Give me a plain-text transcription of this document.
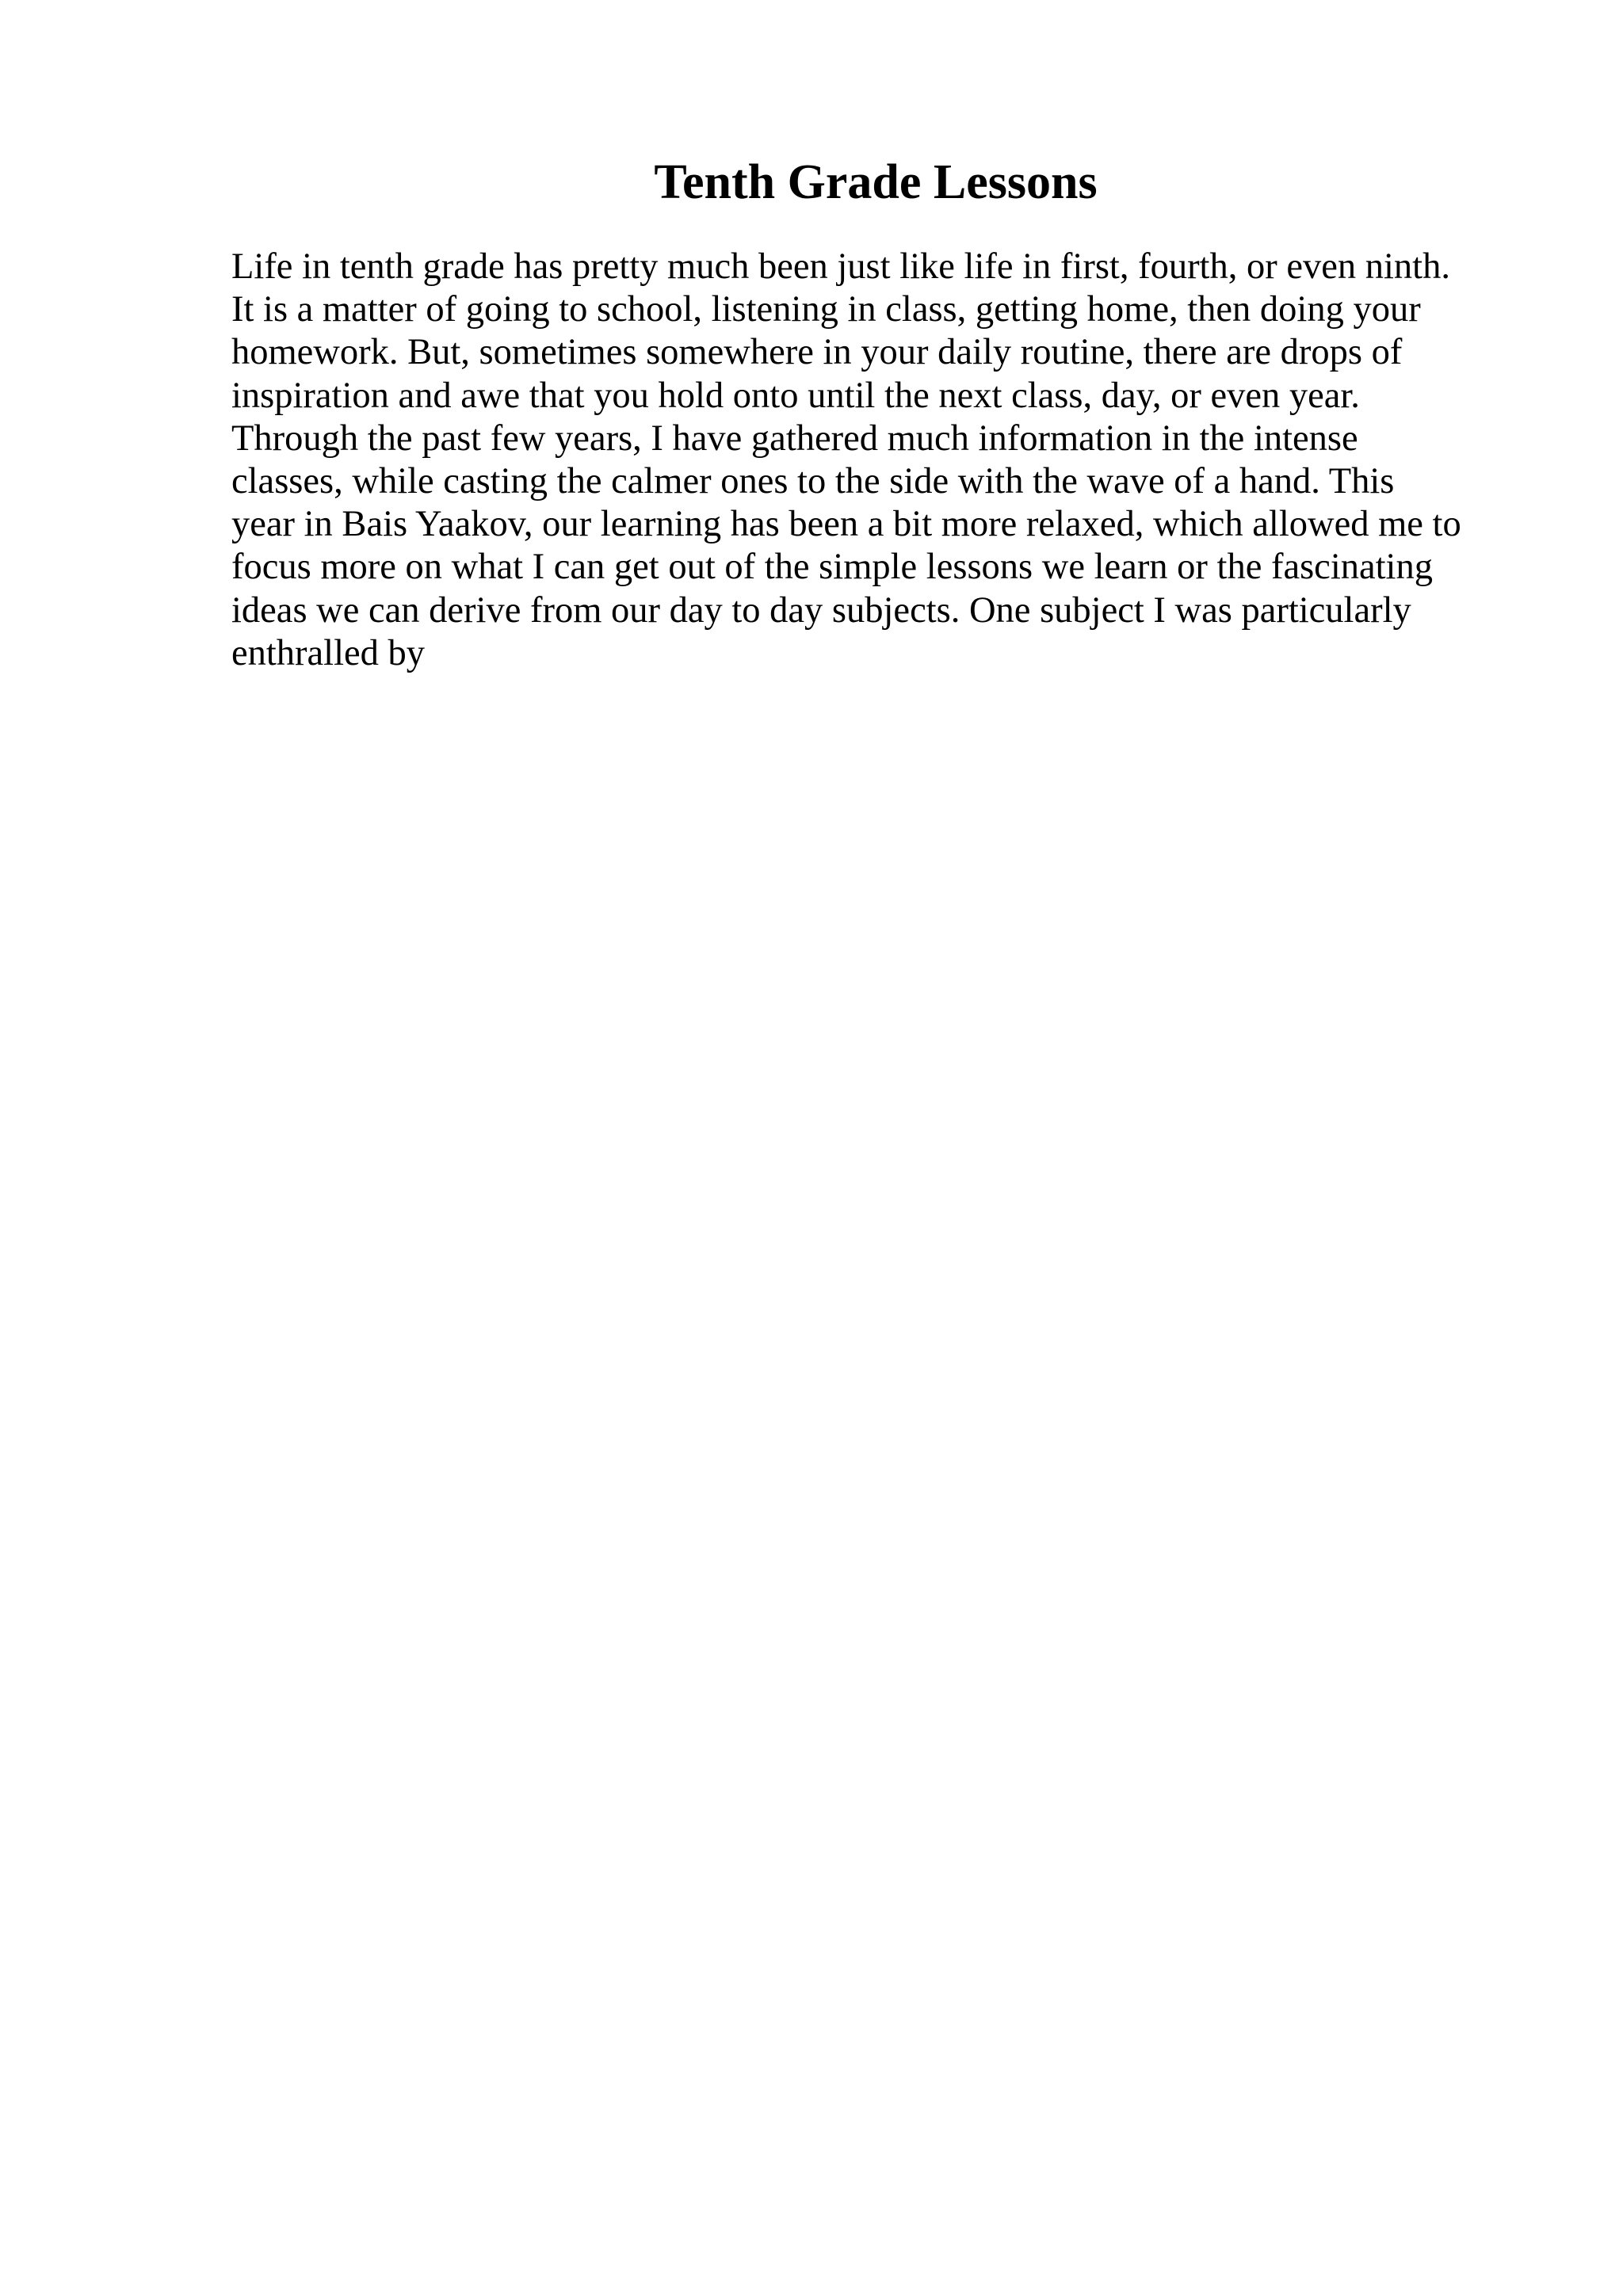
Tenth Grade Lessons
Life in tenth grade has pretty much been just like life in first, fourth, or even ninth.
It is a matter of going to school, listening in class, getting home, then doing your
homework. But, sometimes somewhere in your daily routine, there are drops of
inspiration and awe that you hold onto until the next class, day, or even year.
Through the past few years, I have gathered much information in the intense
classes, while casting the calmer ones to the side with the wave of a hand. This
year in Bais Yaakov, our learning has been a bit more relaxed, which allowed me to
focus more on what I can get out of the simple lessons we learn or the fascinating
ideas we can derive from our day to day subjects. One subject I was particularly
enthralled by
